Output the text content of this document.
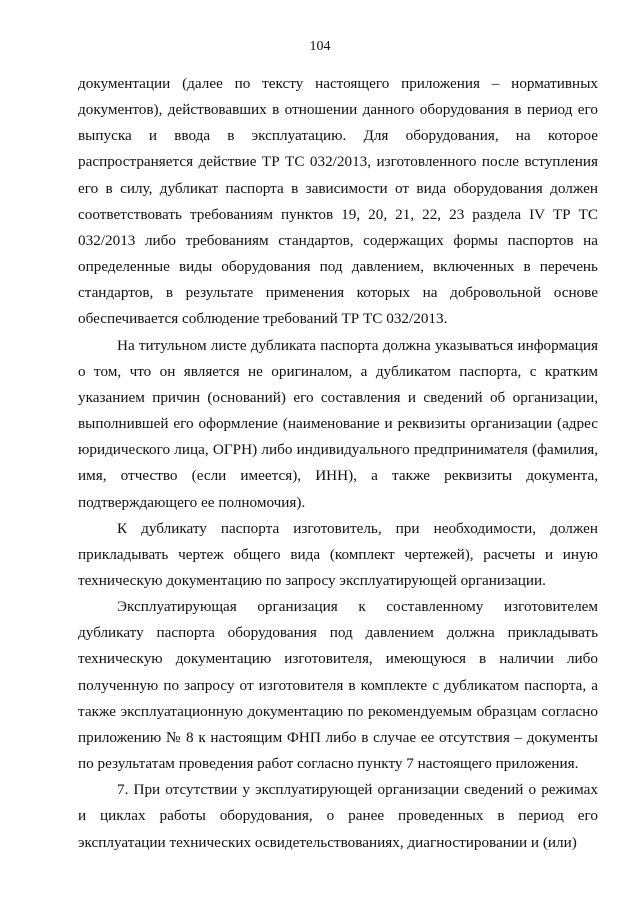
104

документации (далее по тексту настоящего приложения – нормативных документов), действовавших в отношении данного оборудования в период его выпуска и ввода в эксплуатацию. Для оборудования, на которое распространяется действие ТР ТС 032/2013, изготовленного после вступления его в силу, дубликат паспорта в зависимости от вида оборудования должен соответствовать требованиям пунктов 19, 20, 21, 22, 23 раздела IV ТР ТС 032/2013 либо требованиям стандартов, содержащих формы паспортов на определенные виды оборудования под давлением, включенных в перечень стандартов, в результате применения которых на добровольной основе обеспечивается соблюдение требований ТР ТС 032/2013.

На титульном листе дубликата паспорта должна указываться информация о том, что он является не оригиналом, а дубликатом паспорта, с кратким указанием причин (оснований) его составления и сведений об организации, выполнившей его оформление (наименование и реквизиты организации (адрес юридического лица, ОГРН) либо индивидуального предпринимателя (фамилия, имя, отчество (если имеется), ИНН), а также реквизиты документа, подтверждающего ее полномочия).

К дубликату паспорта изготовитель, при необходимости, должен прикладывать чертеж общего вида (комплект чертежей), расчеты и иную техническую документацию по запросу эксплуатирующей организации.

Эксплуатирующая организация к составленному изготовителем дубликату паспорта оборудования под давлением должна прикладывать техническую документацию изготовителя, имеющуюся в наличии либо полученную по запросу от изготовителя в комплекте с дубликатом паспорта, а также эксплуатационную документацию по рекомендуемым образцам согласно приложению № 8 к настоящим ФНП либо в случае ее отсутствия – документы по результатам проведения работ согласно пункту 7 настоящего приложения.

7. При отсутствии у эксплуатирующей организации сведений о режимах и циклах работы оборудования, о ранее проведенных в период его эксплуатации технических освидетельствованиях, диагностировании и (или)
